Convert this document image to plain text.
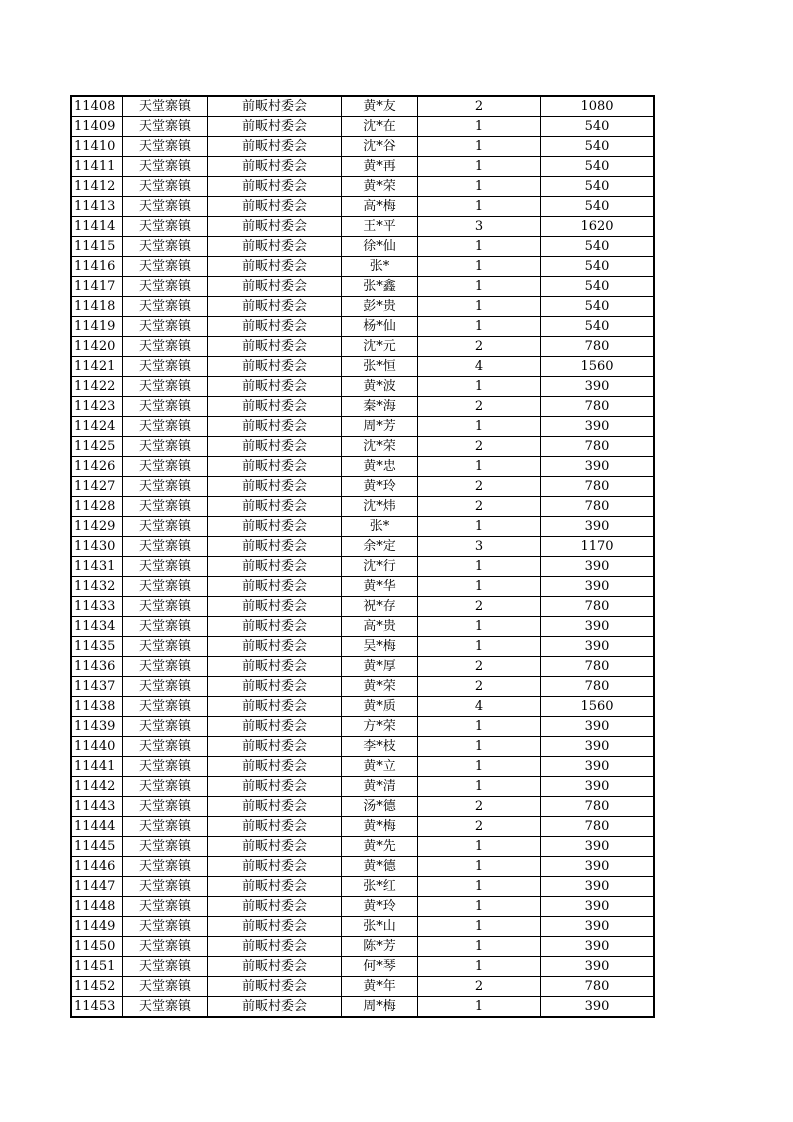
11408	天堂寨镇	前畈村委会	黄*友	2	1080
11409	天堂寨镇	前畈村委会	沈*在	1	540
11410	天堂寨镇	前畈村委会	沈*谷	1	540
11411	天堂寨镇	前畈村委会	黄*再	1	540
11412	天堂寨镇	前畈村委会	黄*荣	1	540
11413	天堂寨镇	前畈村委会	高*梅	1	540
11414	天堂寨镇	前畈村委会	王*平	3	1620
11415	天堂寨镇	前畈村委会	徐*仙	1	540
11416	天堂寨镇	前畈村委会	张*	1	540
11417	天堂寨镇	前畈村委会	张*鑫	1	540
11418	天堂寨镇	前畈村委会	彭*贵	1	540
11419	天堂寨镇	前畈村委会	杨*仙	1	540
11420	天堂寨镇	前畈村委会	沈*元	2	780
11421	天堂寨镇	前畈村委会	张*恒	4	1560
11422	天堂寨镇	前畈村委会	黄*波	1	390
11423	天堂寨镇	前畈村委会	秦*海	2	780
11424	天堂寨镇	前畈村委会	周*芳	1	390
11425	天堂寨镇	前畈村委会	沈*荣	2	780
11426	天堂寨镇	前畈村委会	黄*忠	1	390
11427	天堂寨镇	前畈村委会	黄*玲	2	780
11428	天堂寨镇	前畈村委会	沈*炜	2	780
11429	天堂寨镇	前畈村委会	张*	1	390
11430	天堂寨镇	前畈村委会	余*定	3	1170
11431	天堂寨镇	前畈村委会	沈*行	1	390
11432	天堂寨镇	前畈村委会	黄*华	1	390
11433	天堂寨镇	前畈村委会	祝*存	2	780
11434	天堂寨镇	前畈村委会	高*贵	1	390
11435	天堂寨镇	前畈村委会	吴*梅	1	390
11436	天堂寨镇	前畈村委会	黄*厚	2	780
11437	天堂寨镇	前畈村委会	黄*荣	2	780
11438	天堂寨镇	前畈村委会	黄*质	4	1560
11439	天堂寨镇	前畈村委会	方*荣	1	390
11440	天堂寨镇	前畈村委会	李*枝	1	390
11441	天堂寨镇	前畈村委会	黄*立	1	390
11442	天堂寨镇	前畈村委会	黄*清	1	390
11443	天堂寨镇	前畈村委会	汤*德	2	780
11444	天堂寨镇	前畈村委会	黄*梅	2	780
11445	天堂寨镇	前畈村委会	黄*先	1	390
11446	天堂寨镇	前畈村委会	黄*德	1	390
11447	天堂寨镇	前畈村委会	张*红	1	390
11448	天堂寨镇	前畈村委会	黄*玲	1	390
11449	天堂寨镇	前畈村委会	张*山	1	390
11450	天堂寨镇	前畈村委会	陈*芳	1	390
11451	天堂寨镇	前畈村委会	何*琴	1	390
11452	天堂寨镇	前畈村委会	黄*年	2	780
11453	天堂寨镇	前畈村委会	周*梅	1	390
